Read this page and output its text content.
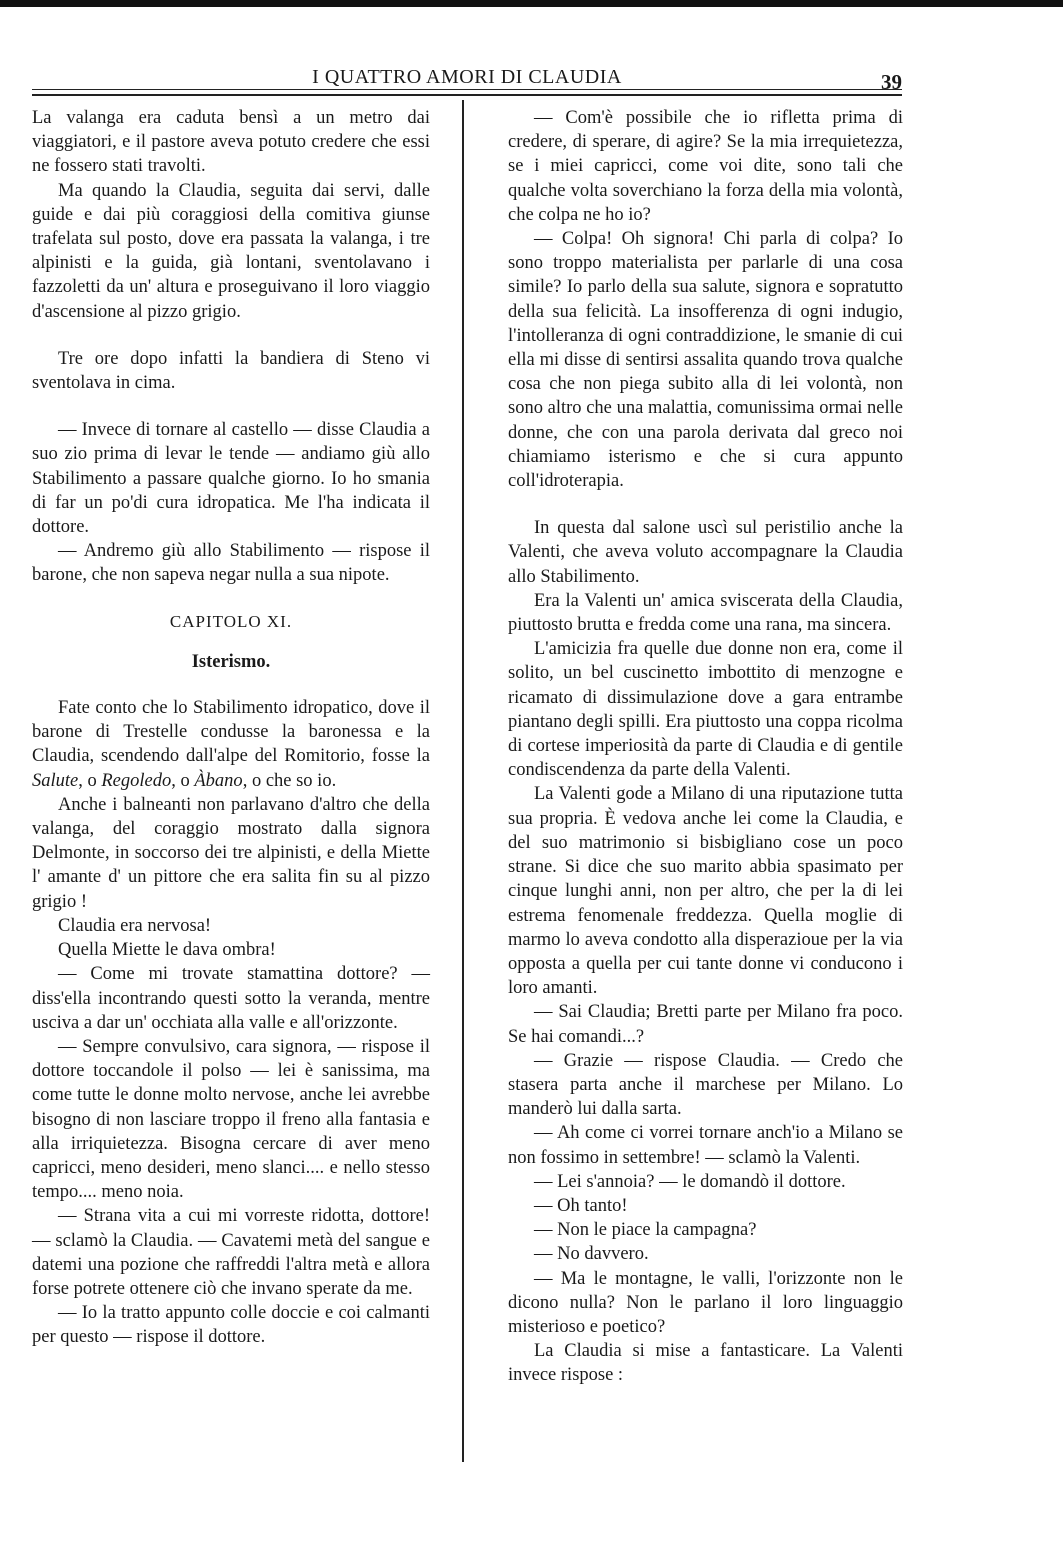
I QUATTRO AMORI DI CLAUDIA	39

La valanga era caduta bensì a un metro dai viaggiatori, e il pastore aveva potuto credere che essi ne fossero stati travolti.

Ma quando la Claudia, seguita dai servi, dalle guide e dai più coraggiosi della comitiva giunse trafelata sul posto, dove era passata la valanga, i tre alpinisti e la guida, già lontani, sventolavano i fazzoletti da un' altura e proseguivano il loro viaggio d'ascensione al pizzo grigio.

Tre ore dopo infatti la bandiera di Steno vi sventolava in cima.

— Invece di tornare al castello — disse Claudia a suo zio prima di levar le tende — andiamo giù allo Stabilimento a passare qualche giorno. Io ho smania di far un po'di cura idropatica. Me l'ha indicata il dottore.

— Andremo giù allo Stabilimento — rispose il barone, che non sapeva negar nulla a sua nipote.

CAPITOLO XI.

Isterismo.

Fate conto che lo Stabilimento idropatico, dove il barone di Trestelle condusse la baronessa e la Claudia, scendendo dall'alpe del Romitorio, fosse la Salute, o Regoledo, o Àbano, o che so io.

Anche i balneanti non parlavano d'altro che della valanga, del coraggio mostrato dalla signora Delmonte, in soccorso dei tre alpinisti, e della Miette l' amante d' un pittore che era salita fin su al pizzo grigio !

Claudia era nervosa!

Quella Miette le dava ombra!

— Come mi trovate stamattina dottore? — diss'ella incontrando questi sotto la veranda, mentre usciva a dar un' occhiata alla valle e all'orizzonte.

— Sempre convulsivo, cara signora, — rispose il dottore toccandole il polso — lei è sanissima, ma come tutte le donne molto nervose, anche lei avrebbe bisogno di non lasciare troppo il freno alla fantasia e alla irriquietezza. Bisogna cercare di aver meno capricci, meno desideri, meno slanci.... e nello stesso tempo.... meno noia.

— Strana vita a cui mi vorreste ridotta, dottore! — sclamò la Claudia. — Cavatemi metà del sangue e datemi una pozione che raffreddi l'altra metà e allora forse potrete ottenere ciò che invano sperate da me.

— Io la tratto appunto colle doccie e coi calmanti per questo — rispose il dottore.

— Com'è possibile che io rifletta prima di credere, di sperare, di agire? Se la mia irrequietezza, se i miei capricci, come voi dite, sono tali che qualche volta soverchiano la forza della mia volontà, che colpa ne ho io?

— Colpa! Oh signora! Chi parla di colpa? Io sono troppo materialista per parlarle di una cosa simile? Io parlo della sua salute, signora e sopratutto della sua felicità. La insofferenza di ogni indugio, l'intolleranza di ogni contraddizione, le smanie di cui ella mi disse di sentirsi assalita quando trova qualche cosa che non piega subito alla di lei volontà, non sono altro che una malattia, comunissima ormai nelle donne, che con una parola derivata dal greco noi chiamiamo isterismo e che si cura appunto coll'idroterapia.

In questa dal salone uscì sul peristilio anche la Valenti, che aveva voluto accompagnare la Claudia allo Stabilimento.

Era la Valenti un' amica sviscerata della Claudia, piuttosto brutta e fredda come una rana, ma sincera.

L'amicizia fra quelle due donne non era, come il solito, un bel cuscinetto imbottito di menzogne e ricamato di dissimulazione dove a gara entrambe piantano degli spilli. Era piuttosto una coppa ricolma di cortese imperiosità da parte di Claudia e di gentile condiscendenza da parte della Valenti.

La Valenti gode a Milano di una riputazione tutta sua propria. È vedova anche lei come la Claudia, e del suo matrimonio si bisbigliano cose un poco strane. Si dice che suo marito abbia spasimato per cinque lunghi anni, non per altro, che per la di lei estrema fenomenale freddezza. Quella moglie di marmo lo aveva condotto alla disperazioue per la via opposta a quella per cui tante donne vi conducono i loro amanti.

— Sai Claudia; Bretti parte per Milano fra poco. Se hai comandi...?

— Grazie — rispose Claudia. — Credo che stasera parta anche il marchese per Milano. Lo manderò lui dalla sarta.

— Ah come ci vorrei tornare anch'io a Milano se non fossimo in settembre! — sclamò la Valenti.

— Lei s'annoia? — le domandò il dottore.

— Oh tanto!

— Non le piace la campagna?

— No davvero.

— Ma le montagne, le valli, l'orizzonte non le dicono nulla? Non le parlano il loro linguaggio misterioso e poetico?

La Claudia si mise a fantasticare. La Valenti invece rispose :
